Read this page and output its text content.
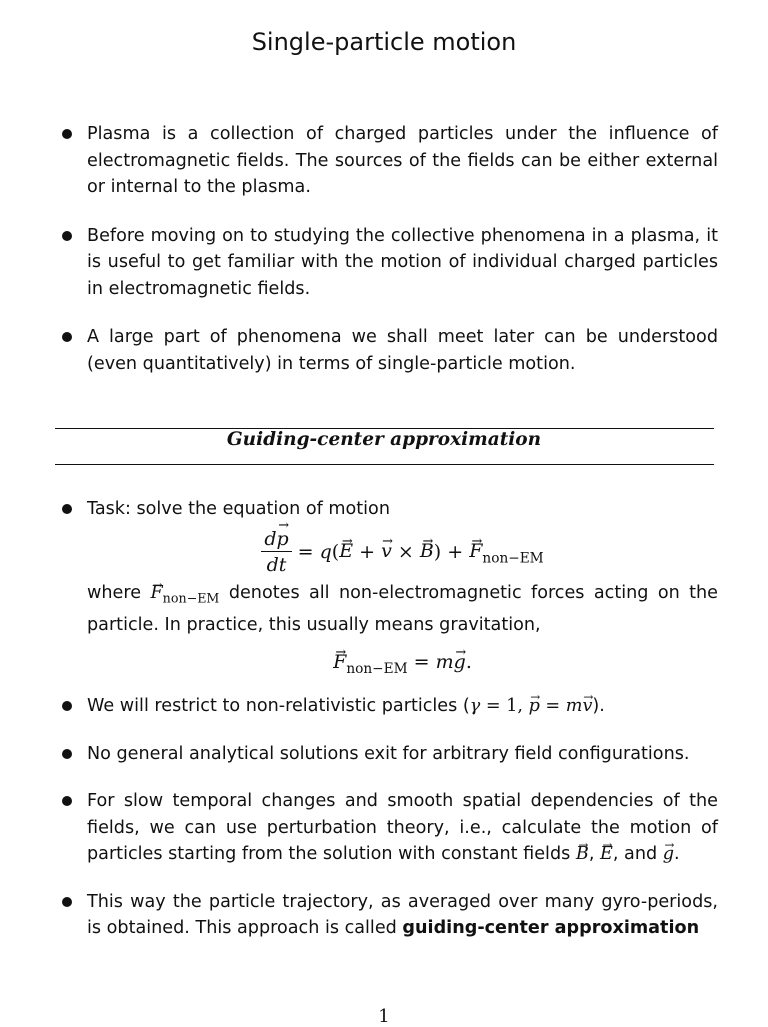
Single-particle motion

Plasma is a collection of charged particles under the influence of electromagnetic fields. The sources of the fields can be either external or internal to the plasma.

Before moving on to studying the collective phenomena in a plasma, it is useful to get familiar with the motion of individual charged particles in electromagnetic fields.

A large part of phenomena we shall meet later can be understood (even quantitatively) in terms of single-particle motion.

Guiding-center approximation

Task: solve the equation of motion

$\frac{d\to p}{dt} = q(\to E$ + → v × → B) + → $F_{non-EM}$

where → $F_{non-EM}$ denotes all non-electromagnetic forces acting on the particle. In practice, this usually means gravitation,

→ $F_{non-EM} = m\to g$.

We will restrict to non-relativistic particles (γ = 1, → p = m→ v).

No general analytical solutions exit for arbitrary field configurations.

For slow temporal changes and smooth spatial dependencies of the fields, we can use perturbation theory, i.e., calculate the motion of particles starting from the solution with constant fields → B, → E, and → g.

This way the particle trajectory, as averaged over many gyro-periods, is obtained. This approach is called guiding-center approximation

1
